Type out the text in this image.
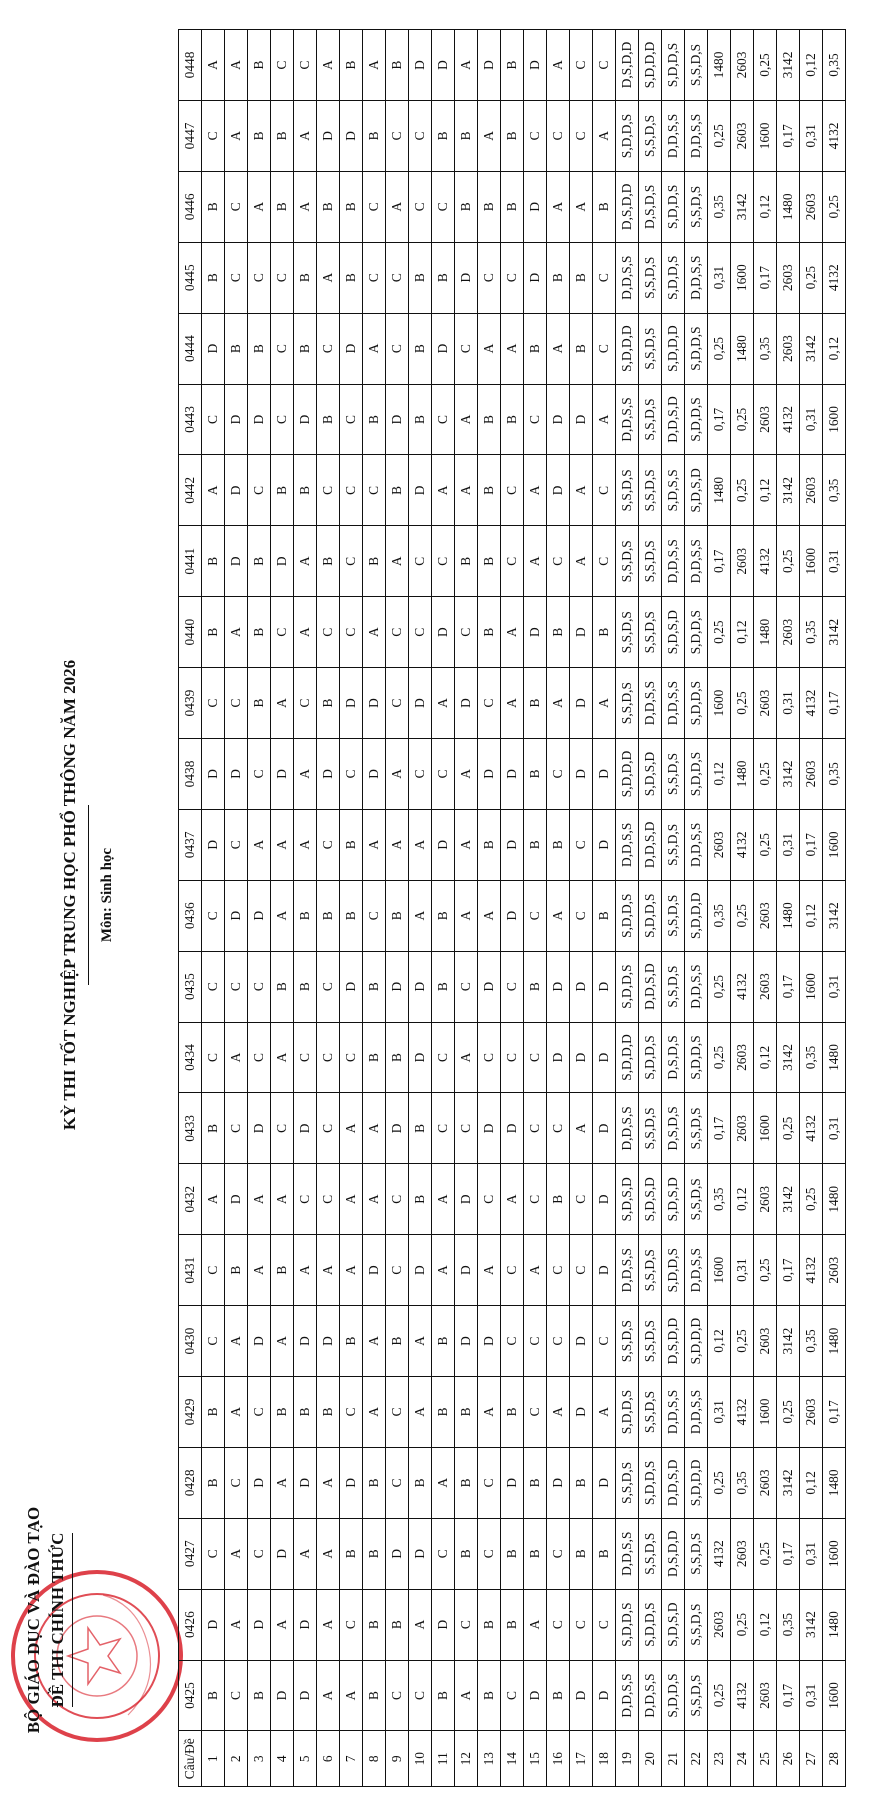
BỘ GIÁO DỤC VÀ ĐÀO TẠO ĐỀ THI CHÍNH THỨC
KỲ THI TỐT NGHIỆP TRUNG HỌC PHỔ THÔNG NĂM 2026 Môn: Sinh học
Câu/Đề	0425	0426	0427	0428	0429	0430	0431	0432	0433	0434	0435	0436	0437	0438	0439	0440	0441	0442	0443	0444	0445	0446	0447	0448
1	B	D	C	B	B	C	C	A	B	C	C	C	D	D	C	B	B	A	C	D	B	B	C	A
2	C	A	A	C	A	A	B	D	C	A	C	D	C	D	C	A	D	D	D	B	C	C	A	A
3	B	D	C	D	C	D	A	A	D	C	C	D	A	C	B	B	B	C	D	B	C	A	B	B
4	D	A	D	A	B	A	B	A	C	A	B	A	A	D	A	C	D	B	C	C	C	B	B	C
5	D	D	A	D	B	D	A	C	D	C	B	B	A	A	C	A	A	B	D	B	B	A	A	C
6	A	A	A	A	B	D	A	C	C	C	C	B	C	D	B	C	B	C	B	C	A	B	D	A
7	A	C	B	D	C	B	A	A	A	C	D	B	B	C	D	C	C	C	C	D	B	B	D	B
8	B	B	B	B	A	A	D	A	A	B	B	C	A	D	D	A	B	C	B	A	C	C	B	A
9	C	B	D	C	C	B	C	C	D	B	D	B	A	A	C	C	A	B	D	C	C	A	C	B
10	C	A	D	B	A	A	D	B	B	D	D	A	A	C	D	C	C	D	B	B	B	C	C	D
11	B	D	C	A	B	B	A	A	C	C	B	B	D	C	A	D	C	A	C	D	B	C	B	D
12	A	C	B	B	B	D	D	D	C	A	C	A	A	A	D	C	B	A	A	C	D	B	B	A
13	B	B	C	C	A	D	A	C	D	C	D	A	B	D	C	B	B	B	B	A	C	B	A	D
14	C	B	B	D	B	C	C	A	D	C	C	D	D	D	A	A	C	C	B	A	C	B	B	B
15	D	A	B	B	C	C	A	C	C	C	B	C	B	B	B	D	A	A	C	B	D	D	C	D
16	B	C	C	D	A	C	C	B	C	D	D	A	B	C	A	B	C	D	D	A	B	A	C	A
17	D	C	B	B	D	D	C	C	A	D	D	C	C	D	D	D	A	A	D	B	B	A	C	C
18	D	C	B	D	A	C	D	D	D	D	D	B	D	D	A	B	C	C	A	C	C	B	A	C
19	D,D,S,S	S,D,D,S	D,D,S,S	S,S,D,S	S,D,D,S	S,S,D,S	D,D,S,S	S,D,S,D	D,D,S,S	S,D,D,D	S,D,D,S	S,D,D,S	D,D,S,S	S,D,D,D	S,S,D,S	S,S,D,S	S,S,D,S	S,S,D,S	D,D,S,S	S,D,D,D	D,D,S,S	D,S,D,D	S,D,D,S	D,S,D,D
20	D,D,S,S	S,D,D,S	S,S,D,S	S,D,D,S	S,S,D,S	S,S,D,S	S,S,D,S	S,D,S,D	S,S,D,S	S,D,D,S	D,D,S,D	S,D,D,S	D,D,S,D	S,D,S,D	D,D,S,S	S,S,D,S	S,S,D,S	S,S,D,S	S,S,D,S	S,S,D,S	S,S,D,S	D,S,D,S	S,S,D,S	S,D,D,D
21	S,D,D,S	S,D,S,D	D,S,D,D	D,D,S,D	D,D,S,S	D,S,D,D	S,D,D,S	S,D,S,D	D,S,D,S	D,S,D,S	S,S,D,S	S,S,D,S	S,S,D,S	S,S,D,S	D,D,S,S	S,D,S,D	D,D,S,S	S,D,S,S	D,D,S,D	S,D,D,D	S,D,D,S	S,D,D,S	D,D,S,S	S,D,D,S
22	S,S,D,S	S,S,D,S	S,S,D,S	S,D,D,D	D,D,S,S	S,D,D,D	D,D,S,S	S,S,D,S	S,S,D,S	S,D,D,S	D,D,S,S	S,D,D,D	D,D,S,S	S,D,D,S	S,D,D,S	S,D,D,S	D,D,S,S	S,D,S,D	S,D,D,S	S,D,D,S	D,D,S,S	S,S,D,S	D,D,S,S	S,S,D,S
23	0,25	2603	4132	0,25	0,31	0,12	1600	0,35	0,17	0,25	0,25	0,35	2603	0,12	1600	0,25	0,17	1480	0,17	0,25	0,31	0,35	0,25	1480
24	4132	0,25	2603	0,35	4132	0,25	0,31	0,12	2603	2603	4132	0,25	4132	1480	0,25	0,12	2603	0,25	0,25	1480	1600	3142	2603	2603
25	2603	0,12	0,25	2603	1600	2603	0,25	2603	1600	0,12	2603	2603	0,25	0,25	2603	1480	4132	0,12	2603	0,35	0,17	0,12	1600	0,25
26	0,17	0,35	0,17	3142	0,25	3142	0,17	3142	0,25	3142	0,17	1480	0,31	3142	0,31	2603	0,25	3142	4132	2603	2603	1480	0,17	3142
27	0,31	3142	0,31	0,12	2603	0,35	4132	0,25	4132	0,35	1600	0,12	0,17	2603	4132	0,35	1600	2603	0,31	3142	0,25	2603	0,31	0,12
28	1600	1480	1600	1480	0,17	1480	2603	1480	0,31	1480	0,31	3142	1600	0,35	0,17	3142	0,31	0,35	1600	0,12	4132	0,25	4132	0,35
